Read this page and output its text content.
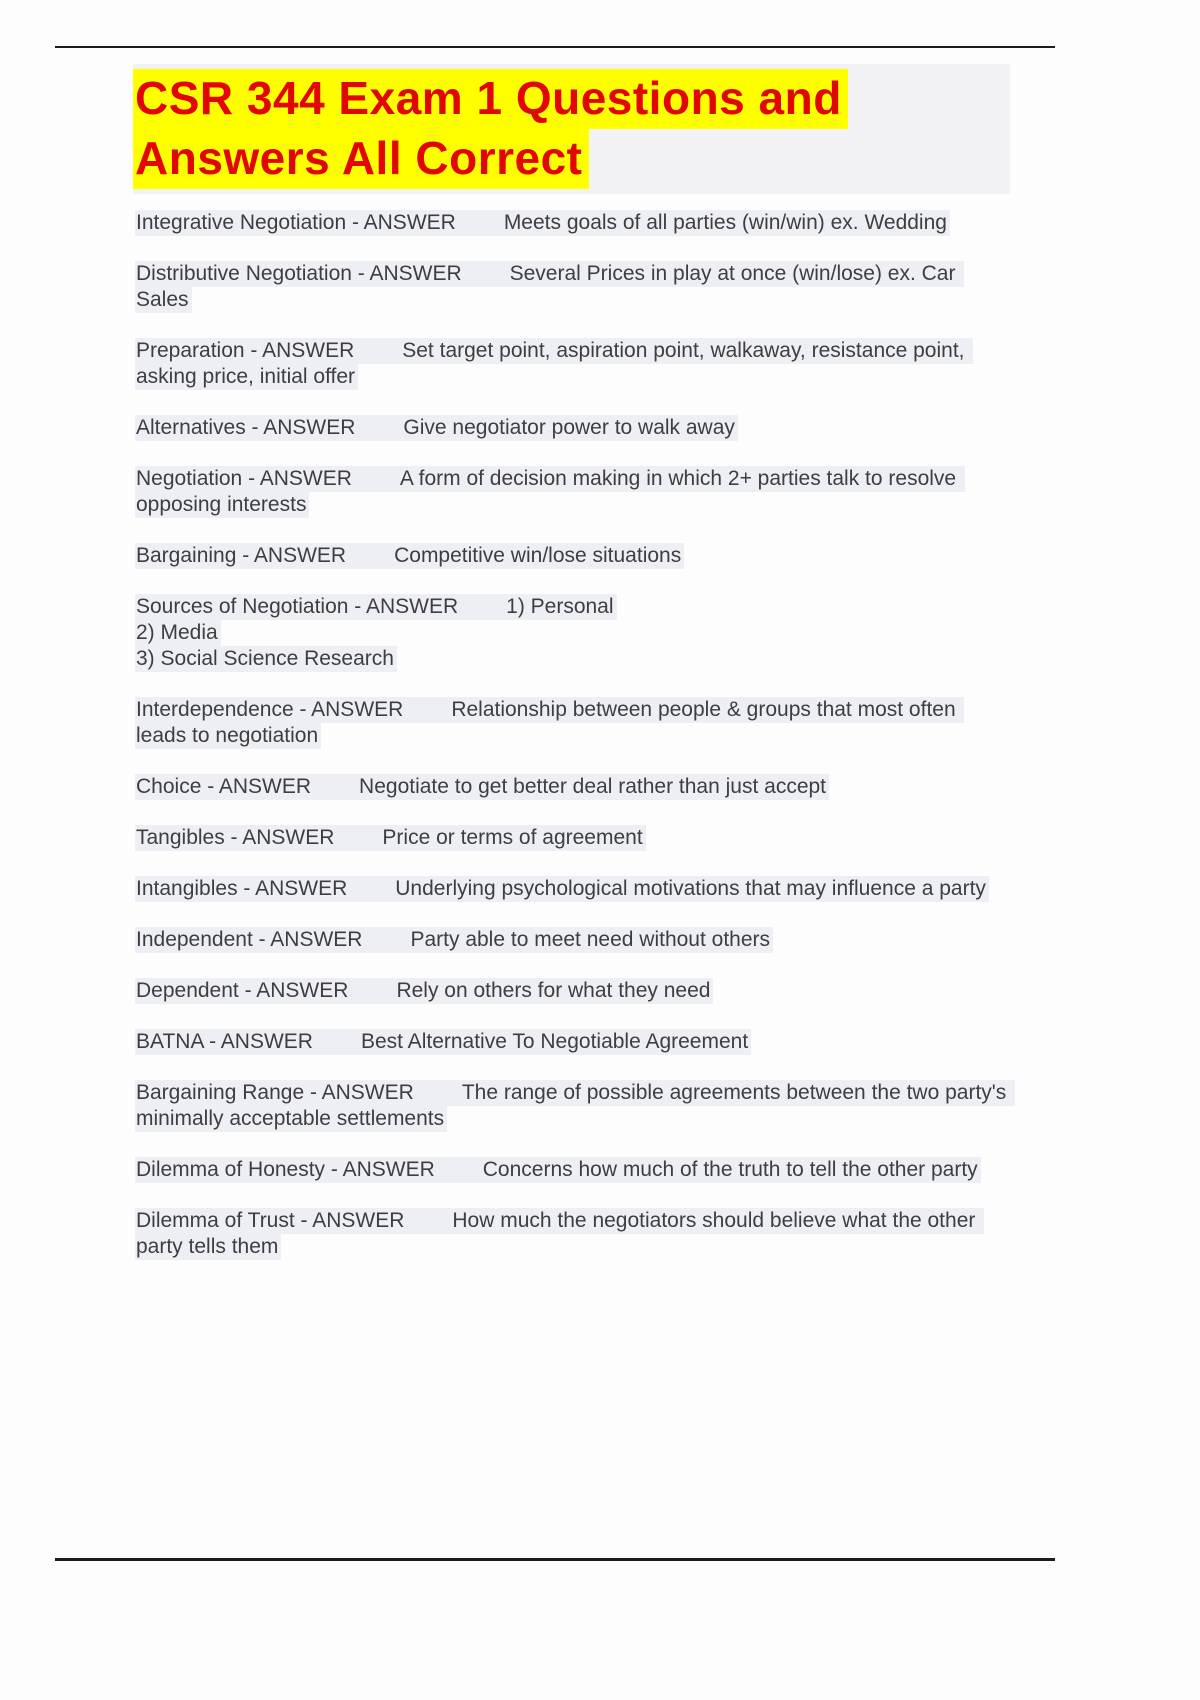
CSR 344 Exam 1 Questions and
Answers All Correct

Integrative Negotiation - ANSWER Meets goals of all parties (win/win) ex. Wedding

Distributive Negotiation - ANSWER Several Prices in play at once (win/lose) ex. Car Sales

Preparation - ANSWER Set target point, aspiration point, walkaway, resistance point, asking price, initial offer

Alternatives - ANSWER Give negotiator power to walk away

Negotiation - ANSWER A form of decision making in which 2+ parties talk to resolve opposing interests

Bargaining - ANSWER Competitive win/lose situations

Sources of Negotiation - ANSWER 1) Personal
2) Media
3) Social Science Research

Interdependence - ANSWER Relationship between people & groups that most often leads to negotiation

Choice - ANSWER Negotiate to get better deal rather than just accept

Tangibles - ANSWER Price or terms of agreement

Intangibles - ANSWER Underlying psychological motivations that may influence a party

Independent - ANSWER Party able to meet need without others

Dependent - ANSWER Rely on others for what they need

BATNA - ANSWER Best Alternative To Negotiable Agreement

Bargaining Range - ANSWER The range of possible agreements between the two party's minimally acceptable settlements

Dilemma of Honesty - ANSWER Concerns how much of the truth to tell the other party

Dilemma of Trust - ANSWER How much the negotiators should believe what the other party tells them
